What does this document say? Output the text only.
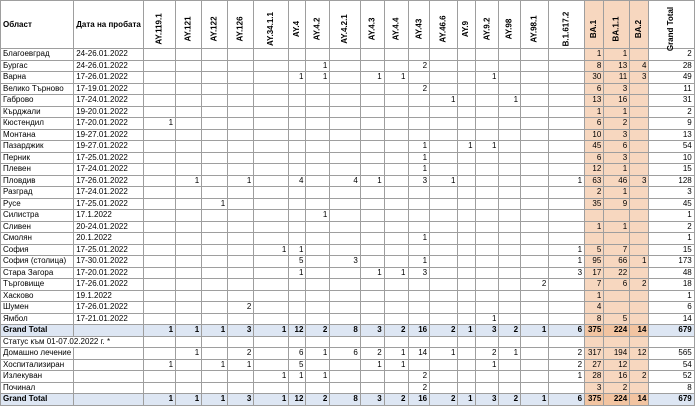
Област	Дата на пробата	AY.119.1	AY.121	AY.122	AY.126	AY.34.1.1	AY.4	AY.4.2	AY.4.2.1	AY.4.3	AY.4.4	AY.43	AY.46.6	AY.9	AY.9.2	AY.98	AY.98.1	B.1.617.2	BA.1	BA.1.1	BA.2	Grand Total
Благоевград	24-26.01.2022																		1	1		2
Бургас	24-26.01.2022							1				2							8	13	4	28
Варна	17-26.01.2022						1	1		1	1				1				30	11	3	49
Велико Търново	17-19.01.2022											2							6	3		11
Габрово	17-24.01.2022												1			1			13	16		31
Кърджали	19-20.01.2022																		1	1		2
Кюстендил	17-20.01.2022	1																	6	2		9
Монтана	19-27.01.2022																		10	3		13
Пазарджик	19-27.01.2022											1		1	1				45	6		54
Перник	17-25.01.2022											1							6	3		10
Плевен	17-24.01.2022											1							12	1		15
Пловдив	17-26.01.2022		1		1		4		4	1		3	1					1	63	46	3	128
Разград	17-24.01.2022																		2	1		3
Русе	17-25.01.2022			1															35	9		45
Силистра	17.1.2022							1														1
Сливен	20-24.01.2022																		1	1		2
Смолян	20.1.2022											1										1
София	17-25.01.2022					1	1											1	5	7		15
София (столица)	17-30.01.2022						5		3			1						1	95	66	1	173
Стара Загора	17-20.01.2022						1			1	1	3						3	17	22		48
Търговище	17-26.01.2022																2		7	6	2	18
Хасково	19.1.2022																		1			1
Шумен	17-26.01.2022				2														4			6
Ямбол	17-21.01.2022														1				8	5		14
Grand Total		1	1	1	3	1	12	2	8	3	2	16	2	1	3	2	1	6	375	224	14	679
Статус към 01-07.02.2022 г. *																						
Домашно лечение			1		2		6	1	6	2	1	14	1		2	1		2	317	194	12	565
Хоспитализиран		1		1	1		5			1	1				1			2	27	12		54
Излекуван						1	1	1				2						1	28	16	2	52
Починал												2							3	2		8
Grand Total		1	1	1	3	1	12	2	8	3	2	16	2	1	3	2	1	6	375	224	14	679
